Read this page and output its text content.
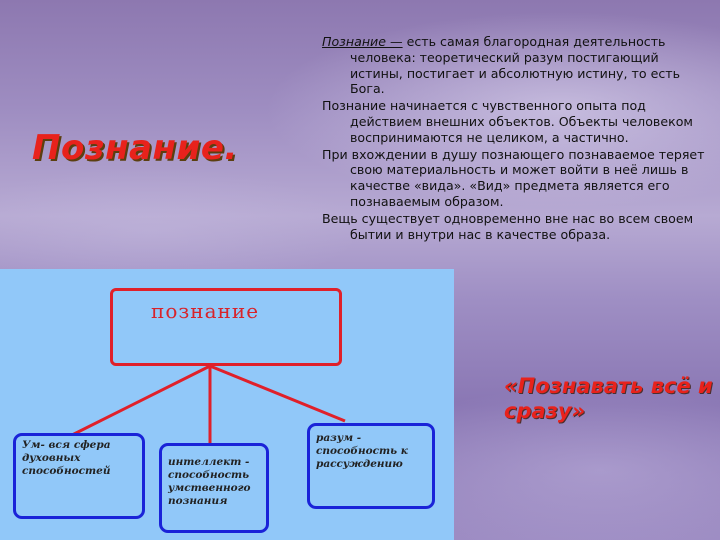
Познание.

Познание — есть самая благородная деятельность человека: теоретический разум постигающий истины, постигает и абсолютную истину, то есть Бога.

Познание начинается с чувственного опыта под действием внешних объектов. Объекты человеком воспринимаются не целиком, а частично.

При вхождении в душу познающего познаваемое теряет свою материальность и может войти в неё лишь в качестве «вида». «Вид» предмета является его познаваемым образом.

Вещь существует одновременно вне нас во всем своем бытии и внутри нас в качестве образа.

познание
Ум- вся сфера духовных способностей
интеллект - способность умственного познания
разум - способность к рассуждению
«Познавать всё и сразу»
